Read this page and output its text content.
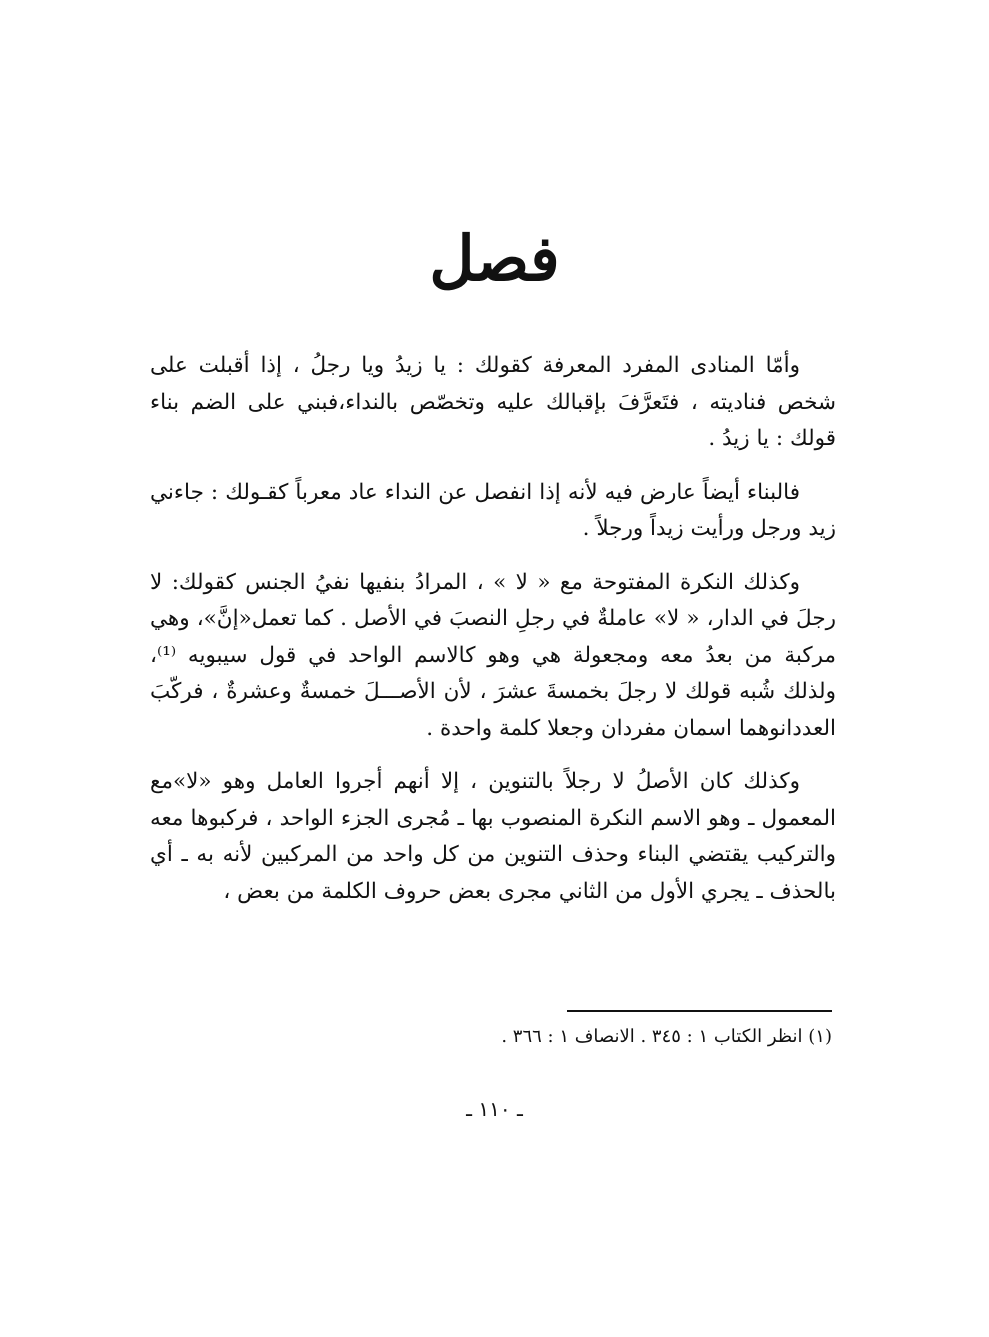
فصل

وأمّا المنادى المفرد المعرفة كقولك : يا زيدُ ويا رجلُ ، إذا أقبلت على شخص فناديته ، فتَعرَّفَ بإقبالك عليه وتخصّص بالنداء،فبني على الضم بناء قولك : يا زيدُ .

فالبناء أيضاً عارض فيه لأنه إذا انفصل عن النداء عاد معرباً كقـولك : جاءني زيد ورجل ورأيت زيداً ورجلاً .

وكذلك النكرة المفتوحة مع « لا » ، المرادُ بنفيها نفيُ الجنس كقولك: لا رجلَ في الدار، « لا» عاملةٌ في رجلِ النصبَ في الأصل . كما تعمل«إنَّ»، وهي مركبة من بعدُ معه ومجعولة هي وهو كالاسم الواحد في قول سيبويه ⁽¹⁾، ولذلك شُبه قولك لا رجلَ بخمسةَ عشرَ ، لأن الأصـــلَ خمسةٌ وعشرةٌ ، فركّبَ العددانوهما اسمان مفردان وجعلا كلمة واحدة .

وكذلك كان الأصلُ لا رجلاً بالتنوين ، إلا أنهم أجروا العامل وهو «لا»مع المعمول ـ وهو الاسم النكرة المنصوب بها ـ مُجرى الجزء الواحد ، فركبوها معه والتركيب يقتضي البناء وحذف التنوين من كل واحد من المركبين لأنه به ـ أي بالحذف ـ يجري الأول من الثاني مجرى بعض حروف الكلمة من بعض ،

(١) انظر الكتاب ١ : ٣٤٥ . الانصاف ١ : ٣٦٦ .
ـ ١١٠ ـ
